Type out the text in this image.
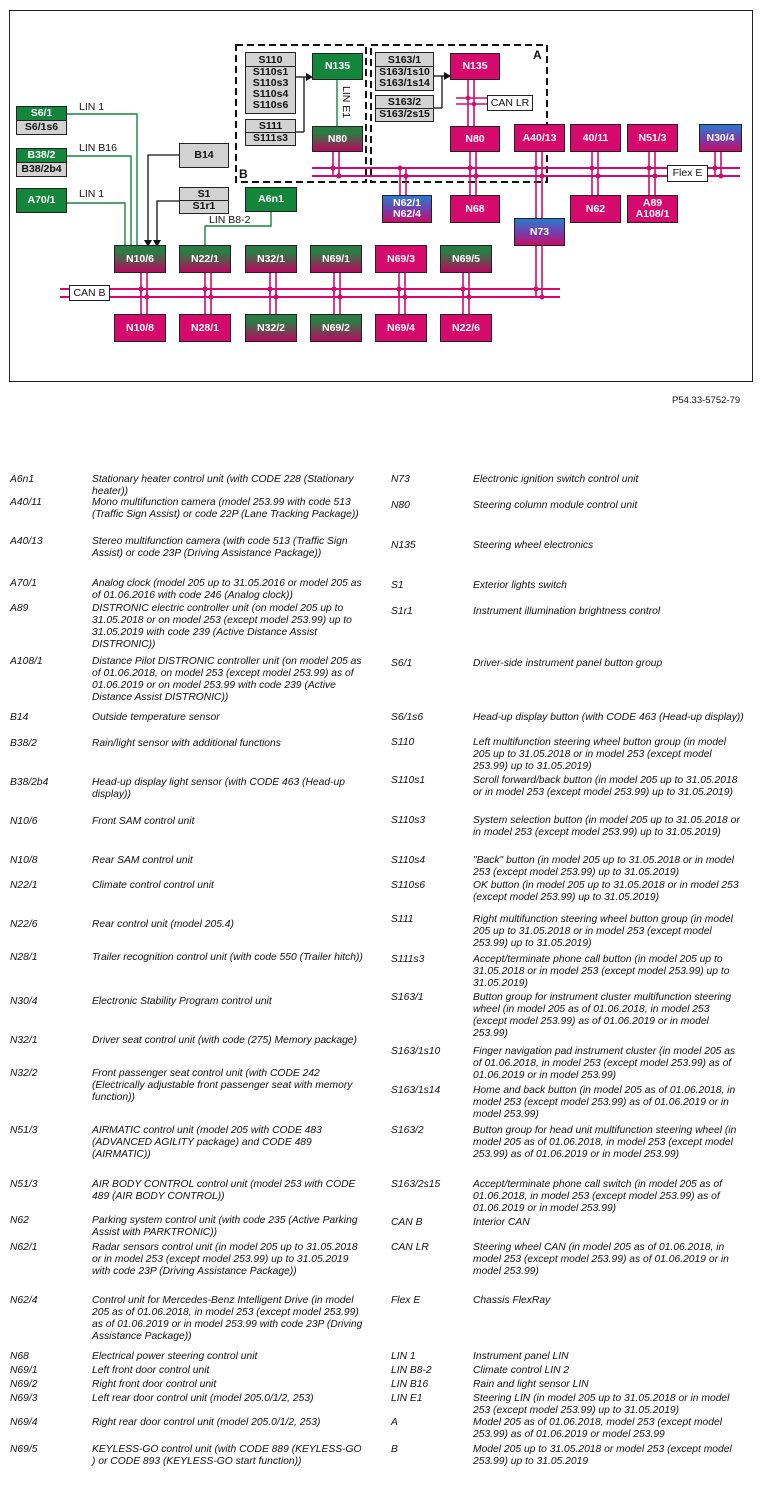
S6/1
S6/1s6
B38/2
B38/2b4
A70/1
LIN 1
LIN B16
LIN 1
LIN B8-2
B14
S1
S1r1
A6n1
S110
S110s1
S110s3
S110s4
S110s6
S111
S111s3
N135
N80
LIN E1
B
S163/1
S163/1s10
S163/1s14
S163/2
S163/2s15
N135
CAN LR
N80
A
A40/13 40/11	N51/3	N30/4
Flex E
N62/1
N62/4	N68	N62	A89
A108/1
N73
N10/6	N22/1	N32/1	N69/1	N69/3	N69/5
CAN B
N10/8	N28/1	N32/2	N69/2	N69/4	N22/6
P54.33-5752-79
A6n1	Stationary heater control unit (with CODE 228 (Stationary heater))
A40/11	Mono multifunction camera (model 253.99 with code 513 (Traffic Sign Assist) or code 22P (Lane Tracking Package))
A40/13	Stereo multifunction camera (with code 513 (Traffic Sign Assist) or code 23P (Driving Assistance Package))
A70/1	Analog clock (model 205 up to 31.05.2016 or model 205 as of 01.06.2016 with code 246 (Analog clock))
A89	DISTRONIC electric controller unit (on model 205 up to 31.05.2018 or on model 253 (except model 253.99) up to 31.05.2019 with code 239 (Active Distance Assist DISTRONIC))
A108/1	Distance Pilot DISTRONIC controller unit (on model 205 as of 01.06.2018, on model 253 (except model 253.99) as of 01.06.2019 or on model 253.99 with code 239 (Active Distance Assist DISTRONIC))
B14	Outside temperature sensor
B38/2	Rain/light sensor with additional functions
B38/2b4	Head-up display light sensor (with CODE 463 (Head-up display))
N10/6	Front SAM control unit
N10/8	Rear SAM control unit
N22/1	Climate control control unit
N22/6	Rear control unit (model 205.4)
N28/1	Trailer recognition control unit (with code 550 (Trailer hitch))
N30/4	Electronic Stability Program control unit
N32/1	Driver seat control unit (with code (275) Memory package)
N32/2	Front passenger seat control unit (with CODE 242 (Electrically adjustable front passenger seat with memory function))
N51/3	AIRMATIC control unit (model 205 with CODE 483 (ADVANCED AGILITY package) and CODE 489 (AIRMATIC))
N51/3	AIR BODY CONTROL control unit (model 253 with CODE 489 (AIR BODY CONTROL))
N62	Parking system control unit (with code 235 (Active Parking Assist with PARKTRONIC))
N62/1	Radar sensors control unit (in model 205 up to 31.05.2018 or in model 253 (except model 253.99) up to 31.05.2019 with code 23P (Driving Assistance Package))
N62/4	Control unit for Mercedes-Benz Intelligent Drive (in model 205 as of 01.06.2018, in model 253 (except model 253.99) as of 01.06.2019 or in model 253.99 with code 23P (Driving Assistance Package))
N68	Electrical power steering control unit
N69/1	Left front door control unit
N69/2	Right front door control unit
N69/3	Left rear door control unit (model 205.0/1/2, 253)
N69/4	Right rear door control unit (model 205.0/1/2, 253)
N69/5	KEYLESS-GO control unit (with CODE 889 (KEYLESS-GO ) or CODE 893 (KEYLESS-GO start function))
N73	Electronic ignition switch control unit
N80	Steering column module control unit
N135	Steering wheel electronics
S1	Exterior lights switch
S1r1	Instrument illumination brightness control
S6/1	Driver-side instrument panel button group
S6/1s6	Head-up display button (with CODE 463 (Head-up display))
S110	Left multifunction steering wheel button group (in model 205 up to 31.05.2018 or in model 253 (except model 253.99) up to 31.05.2019)
S110s1	Scroll forward/back button (in model 205 up to 31.05.2018 or in model 253 (except model 253.99) up to 31.05.2019)
S110s3	System selection button (in model 205 up to 31.05.2018 or in model 253 (except model 253.99) up to 31.05.2019)
S110s4	"Back" button (in model 205 up to 31.05.2018 or in model 253 (except model 253.99) up to 31.05.2019)
S110s6	OK button (in model 205 up to 31.05.2018 or in model 253 (except model 253.99) up to 31.05.2019)
S111	Right multifunction steering wheel button group (in model 205 up to 31.05.2018 or in model 253 (except model 253.99) up to 31.05.2019)
S111s3	Accept/terminate phone call button (in model 205 up to 31.05.2018 or in model 253 (except model 253.99) up to 31.05.2019)
S163/1	Button group for instrument cluster multifunction steering wheel (in model 205 as of 01.06.2018, in model 253 (except model 253.99) as of 01.06.2019 or in model 253.99)
S163/1s10	Finger navigation pad instrument cluster (in model 205 as of 01.06.2018, in model 253 (except model 253.99) as of 01.06.2019 or in model 253.99)
S163/1s14	Home and back button (in model 205 as of 01.06.2018, in model 253 (except model 253.99) as of 01.06.2019 or in model 253.99)
S163/2	Button group for head unit multifunction steering wheel (in model 205 as of 01.06.2018, in model 253 (except model 253.99) as of 01.06.2019 or in model 253.99)
S163/2s15	Accept/terminate phone call switch (in model 205 as of 01.06.2018, in model 253 (except model 253.99) as of 01.06.2019 or in model 253.99)
CAN B	Interior CAN
CAN LR	Steering wheel CAN (in model 205 as of 01.06.2018, in model 253 (except model 253.99) as of 01.06.2019 or in model 253.99)
Flex E	Chassis FlexRay
LIN 1	Instrument panel LIN
LIN B8-2	Climate control LIN 2
LIN B16	Rain and light sensor LIN
LIN E1	Steering LIN (in model 205 up to 31.05.2018 or in model 253 (except model 253.99) up to 31.05.2019)
A	Model 205 as of 01.06.2018, model 253 (except model 253.99) as of 01.06.2019 or model 253.99
B	Model 205 up to 31.05.2018 or model 253 (except model 253.99) up to 31.05.2019
